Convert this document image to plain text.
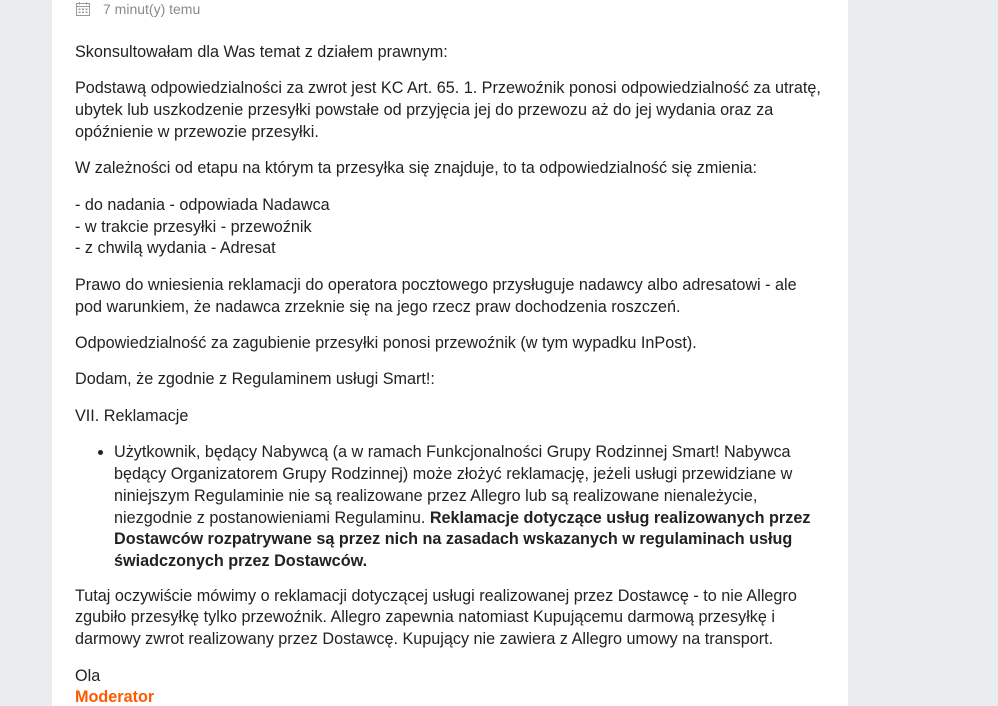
7 minut(y) temu

Skonsultowałam dla Was temat z działem prawnym:

Podstawą odpowiedzialności za zwrot jest KC Art. 65. 1. Przewoźnik ponosi odpowiedzialność za utratę, ubytek lub uszkodzenie przesyłki powstałe od przyjęcia jej do przewozu aż do jej wydania oraz za opóźnienie w przewozie przesyłki.

W zależności od etapu na którym ta przesyłka się znajduje, to ta odpowiedzialność się zmienia:

- do nadania - odpowiada Nadawca
- w trakcie przesyłki - przewoźnik
- z chwilą wydania - Adresat

Prawo do wniesienia reklamacji do operatora pocztowego przysługuje nadawcy albo adresatowi - ale pod warunkiem, że nadawca zrzeknie się na jego rzecz praw dochodzenia roszczeń.

Odpowiedzialność za zagubienie przesyłki ponosi przewoźnik (w tym wypadku InPost).

Dodam, że zgodnie z Regulaminem usługi Smart!:

VII. Reklamacje

• Użytkownik, będący Nabywcą (a w ramach Funkcjonalności Grupy Rodzinnej Smart! Nabywca będący Organizatorem Grupy Rodzinnej) może złożyć reklamację, jeżeli usługi przewidziane w niniejszym Regulaminie nie są realizowane przez Allegro lub są realizowane nienależycie, niezgodnie z postanowieniami Regulaminu. Reklamacje dotyczące usług realizowanych przez Dostawców rozpatrywane są przez nich na zasadach wskazanych w regulaminach usług świadczonych przez Dostawców.

Tutaj oczywiście mówimy o reklamacji dotyczącej usługi realizowanej przez Dostawcę - to nie Allegro zgubiło przesyłkę tylko przewoźnik. Allegro zapewnia natomiast Kupującemu darmową przesyłkę i darmowy zwrot realizowany przez Dostawcę. Kupujący nie zawiera z Allegro umowy na transport.

Ola

Moderator
